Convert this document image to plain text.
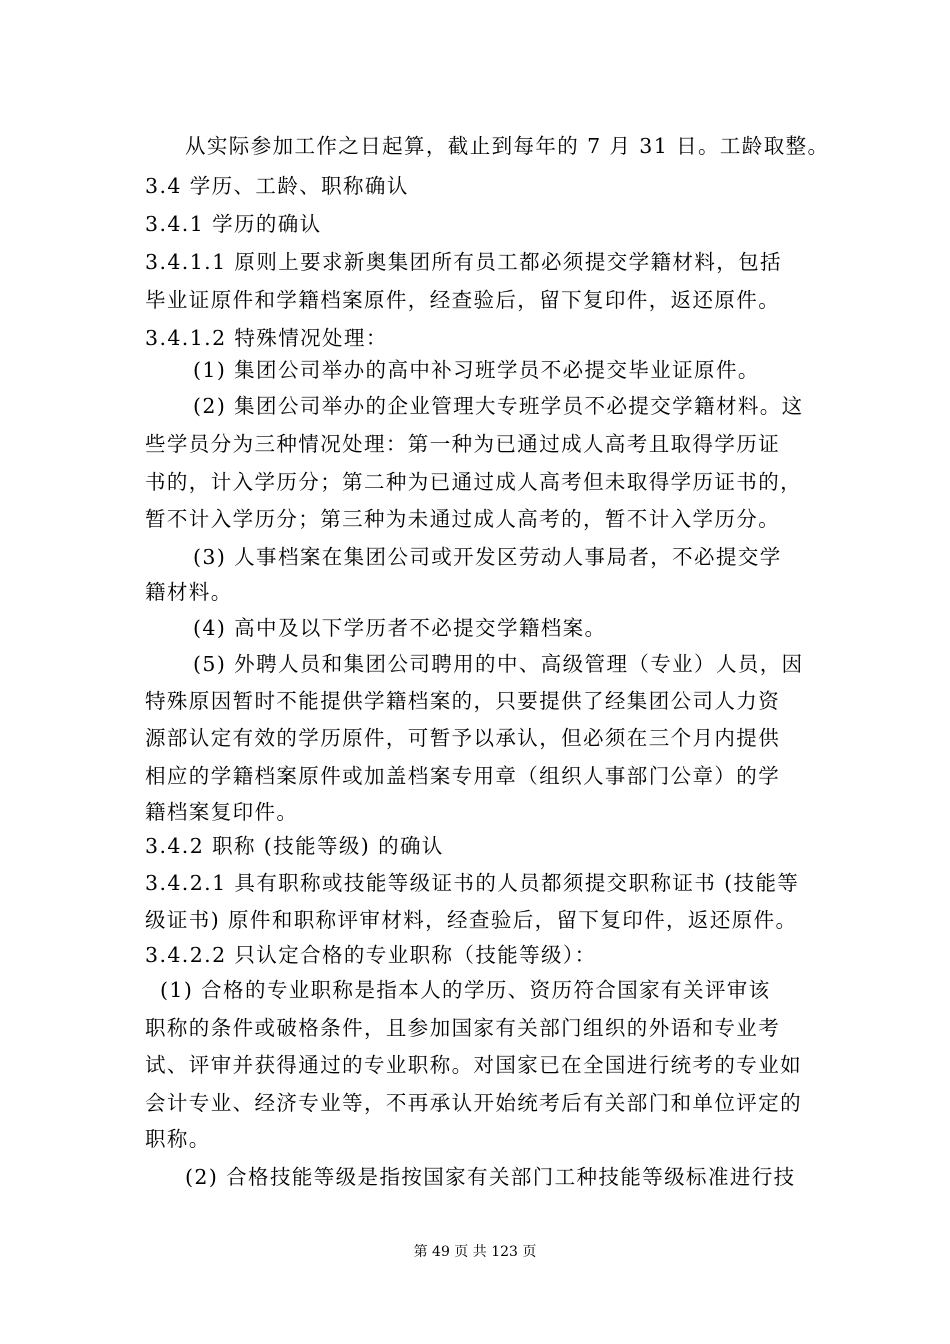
从实际参加工作之日起算，截止到每年的 7 月 31 日。工龄取整。
3.4 学历、工龄、职称确认
3.4.1 学历的确认
3.4.1.1 原则上要求新奥集团所有员工都必须提交学籍材料，包括
毕业证原件和学籍档案原件，经查验后，留下复印件，返还原件。
3.4.1.2 特殊情况处理：
(1) 集团公司举办的高中补习班学员不必提交毕业证原件。
(2) 集团公司举办的企业管理大专班学员不必提交学籍材料。这
些学员分为三种情况处理：第一种为已通过成人高考且取得学历证
书的，计入学历分；第二种为已通过成人高考但未取得学历证书的，
暂不计入学历分；第三种为未通过成人高考的，暂不计入学历分。
(3) 人事档案在集团公司或开发区劳动人事局者，不必提交学
籍材料。
(4) 高中及以下学历者不必提交学籍档案。
(5) 外聘人员和集团公司聘用的中、高级管理（专业）人员，因
特殊原因暂时不能提供学籍档案的，只要提供了经集团公司人力资
源部认定有效的学历原件，可暂予以承认，但必须在三个月内提供
相应的学籍档案原件或加盖档案专用章（组织人事部门公章）的学
籍档案复印件。
3.4.2 职称 (技能等级) 的确认
3.4.2.1 具有职称或技能等级证书的人员都须提交职称证书 (技能等
级证书) 原件和职称评审材料，经查验后，留下复印件，返还原件。
3.4.2.2 只认定合格的专业职称（技能等级）：
(1) 合格的专业职称是指本人的学历、资历符合国家有关评审该
职称的条件或破格条件，且参加国家有关部门组织的外语和专业考
试、评审并获得通过的专业职称。对国家已在全国进行统考的专业如
会计专业、经济专业等，不再承认开始统考后有关部门和单位评定的
职称。
(2) 合格技能等级是指按国家有关部门工种技能等级标准进行技
第 49 页 共 123 页
